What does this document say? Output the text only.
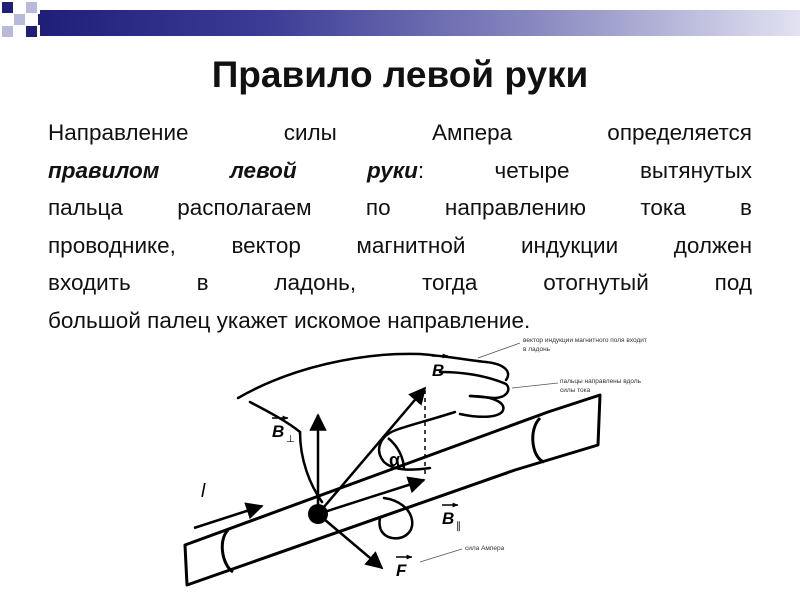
Правило левой руки

Направление силы Ампера определяется

правилом левой руки: четыре вытянутых

пальца располагаем по направлению тока в

проводнике, вектор магнитной индукции должен

входить в ладонь, тогда отогнутый под

большой палец укажет искомое направление.

l
B
B ⊥
α
B ∥
F
вектор индукции магнитного поля входит
в ладонь
пальцы направлены вдоль
силы тока
сила Ампера
